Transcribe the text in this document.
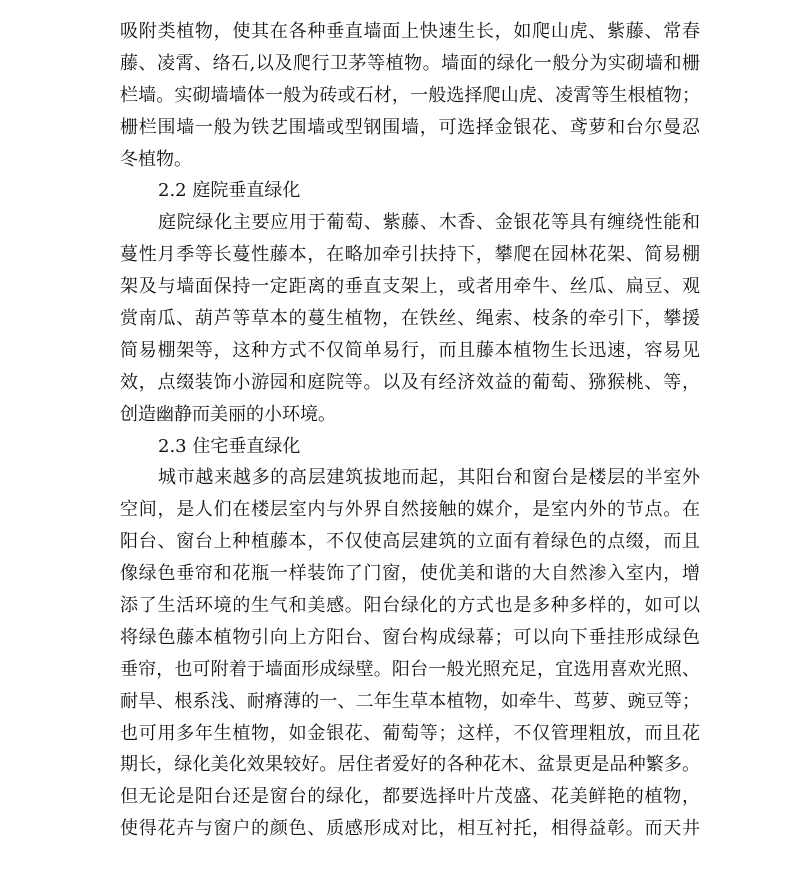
吸附类植物，使其在各种垂直墙面上快速生长，如爬山虎、紫藤、常春
藤、凌霄、络石,以及爬行卫茅等植物。墙面的绿化一般分为实砌墙和栅
栏墙。实砌墙墙体一般为砖或石材，一般选择爬山虎、凌霄等生根植物；
栅栏围墙一般为铁艺围墙或型钢围墙，可选择金银花、鸢萝和台尔曼忍
冬植物。
2.2 庭院垂直绿化
庭院绿化主要应用于葡萄、紫藤、木香、金银花等具有缠绕性能和
蔓性月季等长蔓性藤本，在略加牵引扶持下，攀爬在园林花架、简易棚
架及与墙面保持一定距离的垂直支架上，或者用牵牛、丝瓜、扁豆、观
赏南瓜、葫芦等草本的蔓生植物，在铁丝、绳索、枝条的牵引下，攀援
简易棚架等，这种方式不仅简单易行，而且藤本植物生长迅速，容易见
效，点缀装饰小游园和庭院等。以及有经济效益的葡萄、猕猴桃、等，
创造幽静而美丽的小环境。
2.3 住宅垂直绿化
城市越来越多的高层建筑拔地而起，其阳台和窗台是楼层的半室外
空间，是人们在楼层室内与外界自然接触的媒介，是室内外的节点。在
阳台、窗台上种植藤本，不仅使高层建筑的立面有着绿色的点缀，而且
像绿色垂帘和花瓶一样装饰了门窗，使优美和谐的大自然渗入室内，增
添了生活环境的生气和美感。阳台绿化的方式也是多种多样的，如可以
将绿色藤本植物引向上方阳台、窗台构成绿幕；可以向下垂挂形成绿色
垂帘，也可附着于墙面形成绿壁。阳台一般光照充足，宜选用喜欢光照、
耐旱、根系浅、耐瘠薄的一、二年生草本植物，如牵牛、茑萝、豌豆等；
也可用多年生植物，如金银花、葡萄等；这样，不仅管理粗放，而且花
期长，绿化美化效果较好。居住者爱好的各种花木、盆景更是品种繁多。
但无论是阳台还是窗台的绿化，都要选择叶片茂盛、花美鲜艳的植物，
使得花卉与窗户的颜色、质感形成对比，相互衬托，相得益彰。而天井
